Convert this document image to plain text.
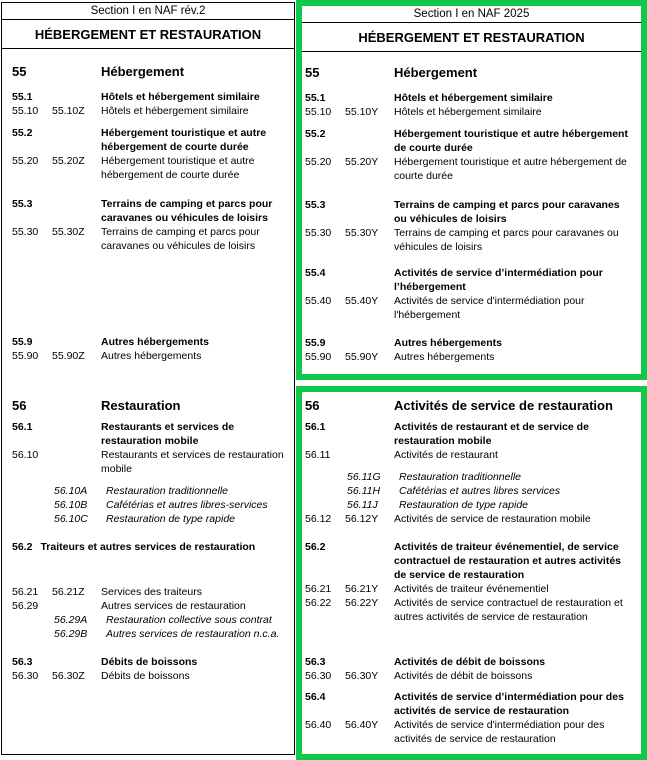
Section I en NAF rév.2
HÉBERGEMENT ET RESTAURATION
55	Hébergement
55.1	Hôtels et hébergement similaire
55.10	55.10Z	Hôtels et hébergement similaire
55.2	Hébergement touristique et autre hébergement de courte durée
55.20	55.20Z	Hébergement touristique et autre hébergement de courte durée
55.3	Terrains de camping et parcs pour caravanes ou véhicules de loisirs
55.30	55.30Z	Terrains de camping et parcs pour caravanes ou véhicules de loisirs
55.9	Autres hébergements
55.90	55.90Z	Autres hébergements
56	Restauration
56.1	Restaurants et services de restauration mobile
56.10	Restaurants et services de restauration mobile
56.10A	Restauration traditionnelle
56.10B	Cafétérias et autres libres-services
56.10C	Restauration de type rapide
56.2 Traiteurs et autres services de restauration
56.21	56.21Z	Services des traiteurs
56.29	Autres services de restauration
56.29A	Restauration collective sous contrat
56.29B	Autres services de restauration n.c.a.
56.3	Débits de boissons
56.30	56.30Z	Débits de boissons
Section I en NAF 2025
HÉBERGEMENT ET RESTAURATION
55	Hébergement
55.1	Hôtels et hébergement similaire
55.10	55.10Y	Hôtels et hébergement similaire
55.2	Hébergement touristique et autre hébergement de courte durée
55.20	55.20Y	Hébergement touristique et autre hébergement de courte durée
55.3	Terrains de camping et parcs pour caravanes ou véhicules de loisirs
55.30	55.30Y	Terrains de camping et parcs pour caravanes ou véhicules de loisirs
55.4	Activités de service d’intermédiation pour l’hébergement
55.40	55.40Y	Activités de service d'intermédiation pour l'hébergement
55.9	Autres hébergements
55.90	55.90Y	Autres hébergements
56	Activités de service de restauration
56.1	Activités de restaurant et de service de restauration mobile
56.11	Activités de restaurant
56.11G	Restauration traditionnelle
56.11H	Cafétérias et autres libres services
56.11J	Restauration de type rapide
56.12	56.12Y	Activités de service de restauration mobile
56.2	Activités de traiteur événementiel, de service contractuel de restauration et autres activités de service de restauration
56.21	56.21Y	Activités de traiteur événementiel
56.22	56.22Y	Activités de service contractuel de restauration et autres activités de service de restauration
56.3	Activités de débit de boissons
56.30	56.30Y	Activités de débit de boissons
56.4	Activités de service d’intermédiation pour des activités de service de restauration
56.40	56.40Y	Activités de service d'intermédiation pour des activités de service de restauration
